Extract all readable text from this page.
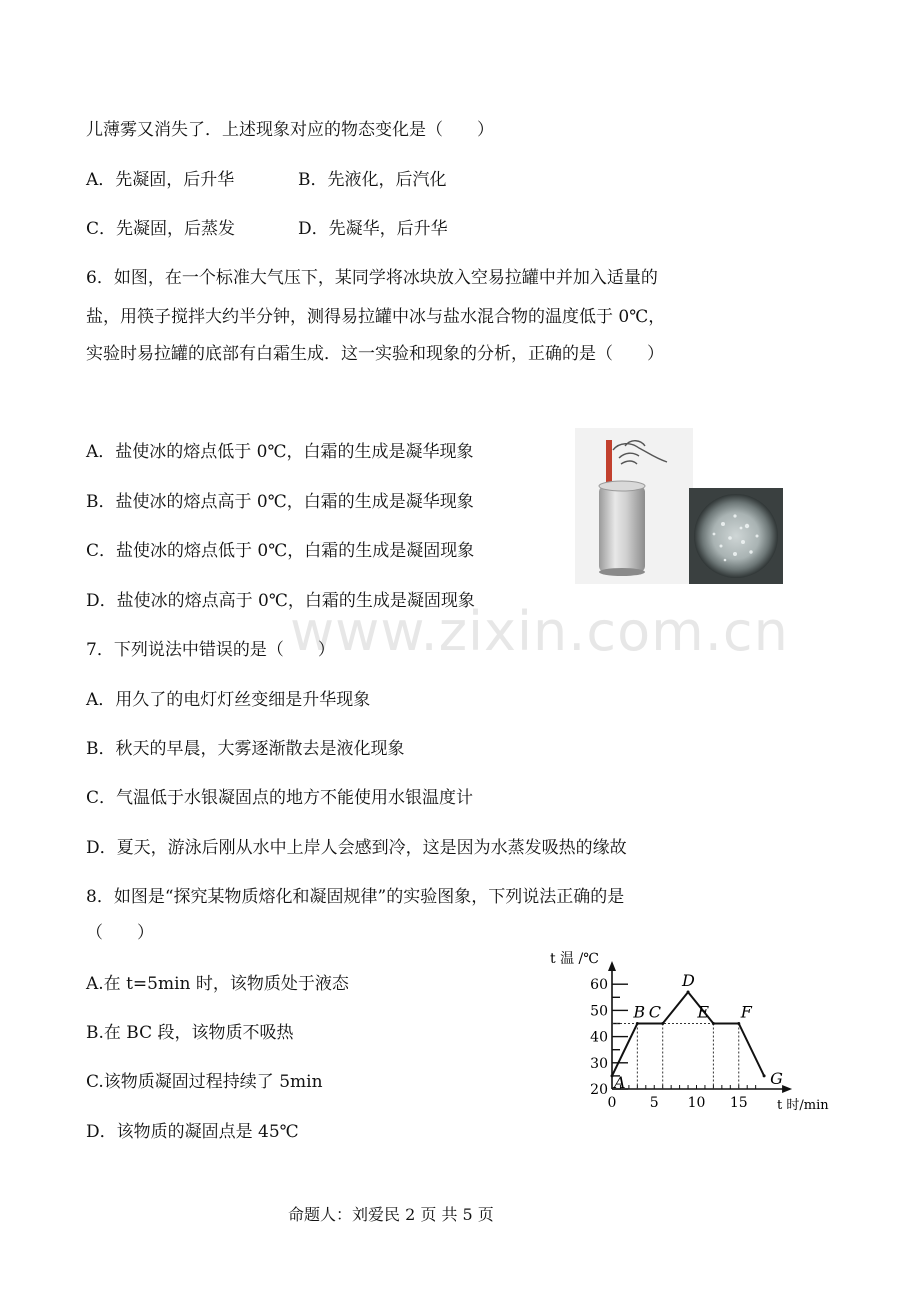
儿薄雾又消失了．上述现象对应的物态变化是（　　）
A．先凝固，后升华	B．先液化，后汽化
C．先凝固，后蒸发	D．先凝华，后升华
6．如图，在一个标准大气压下，某同学将冰块放入空易拉罐中并加入适量的
盐，用筷子搅拌大约半分钟，测得易拉罐中冰与盐水混合物的温度低于 0℃，
实验时易拉罐的底部有白霜生成．这一实验和现象的分析，正确的是（　　）
A．盐使冰的熔点低于 0℃，白霜的生成是凝华现象
B．盐使冰的熔点高于 0℃，白霜的生成是凝华现象
C．盐使冰的熔点低于 0℃，白霜的生成是凝固现象
D．盐使冰的熔点高于 0℃，白霜的生成是凝固现象
www.zixin.com.cn
7．下列说法中错误的是（　　）
A．用久了的电灯灯丝变细是升华现象
B．秋天的早晨，大雾逐渐散去是液化现象
C．气温低于水银凝固点的地方不能使用水银温度计
D．夏天，游泳后刚从水中上岸人会感到冷，这是因为水蒸发吸热的缘故
8．如图是“探究某物质熔化和凝固规律”的实验图象，下列说法正确的是
（　　）
A.在 t=5min 时，该物质处于液态
B.在 BC 段，该物质不吸热
C.该物质凝固过程持续了 5min
D．该物质的凝固点是 45℃
t 温 /℃
t 时/min
20
30
40
50
60
0 5 10 15
A
B C
D
E F
G
命题人：刘爱民 2 页 共 5 页
